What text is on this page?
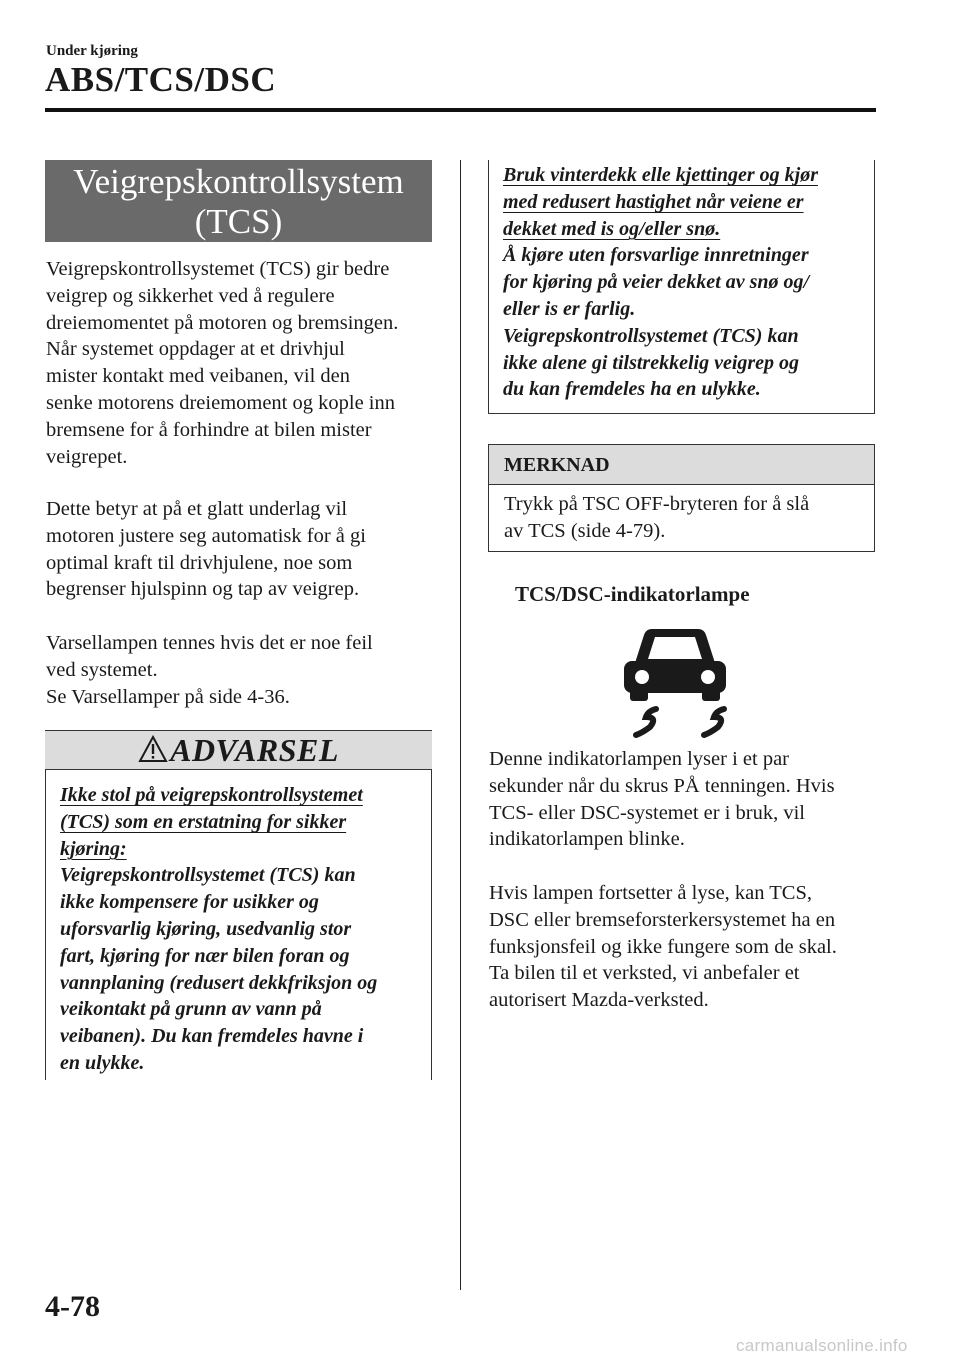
Under kjøring
ABS/TCS/DSC
Veigrepskontrollsystem
(TCS)
Veigrepskontrollsystemet (TCS) gir bedre
veigrep og sikkerhet ved å regulere
dreiemomentet på motoren og bremsingen.
Når systemet oppdager at et drivhjul
mister kontakt med veibanen, vil den
senke motorens dreiemoment og kople inn
bremsene for å forhindre at bilen mister
veigrepet.
Dette betyr at på et glatt underlag vil
motoren justere seg automatisk for å gi
optimal kraft til drivhjulene, noe som
begrenser hjulspinn og tap av veigrep.
Varsellampen tennes hvis det er noe feil
ved systemet.
Se Varsellamper på side 4-36.
ADVARSEL
Ikke stol på veigrepskontrollsystemet
(TCS) som en erstatning for sikker
kjøring:
Veigrepskontrollsystemet (TCS) kan
ikke kompensere for usikker og
uforsvarlig kjøring, usedvanlig stor
fart, kjøring for nær bilen foran og
vannplaning (redusert dekkfriksjon og
veikontakt på grunn av vann på
veibanen). Du kan fremdeles havne i
en ulykke.
Bruk vinterdekk elle kjettinger og kjør
med redusert hastighet når veiene er
dekket med is og/eller snø.
Å kjøre uten forsvarlige innretninger
for kjøring på veier dekket av snø og/
eller is er farlig.
Veigrepskontrollsystemet (TCS) kan
ikke alene gi tilstrekkelig veigrep og
du kan fremdeles ha en ulykke.
MERKNAD
Trykk på TSC OFF-bryteren for å slå
av TCS (side 4-79).
TCS/DSC-indikatorlampe
Denne indikatorlampen lyser i et par
sekunder når du skrus PÅ tenningen. Hvis
TCS- eller DSC-systemet er i bruk, vil
indikatorlampen blinke.
Hvis lampen fortsetter å lyse, kan TCS,
DSC eller bremseforsterkersystemet ha en
funksjonsfeil og ikke fungere som de skal.
Ta bilen til et verksted, vi anbefaler et
autorisert Mazda-verksted.
4-78
carmanualsonline.info
